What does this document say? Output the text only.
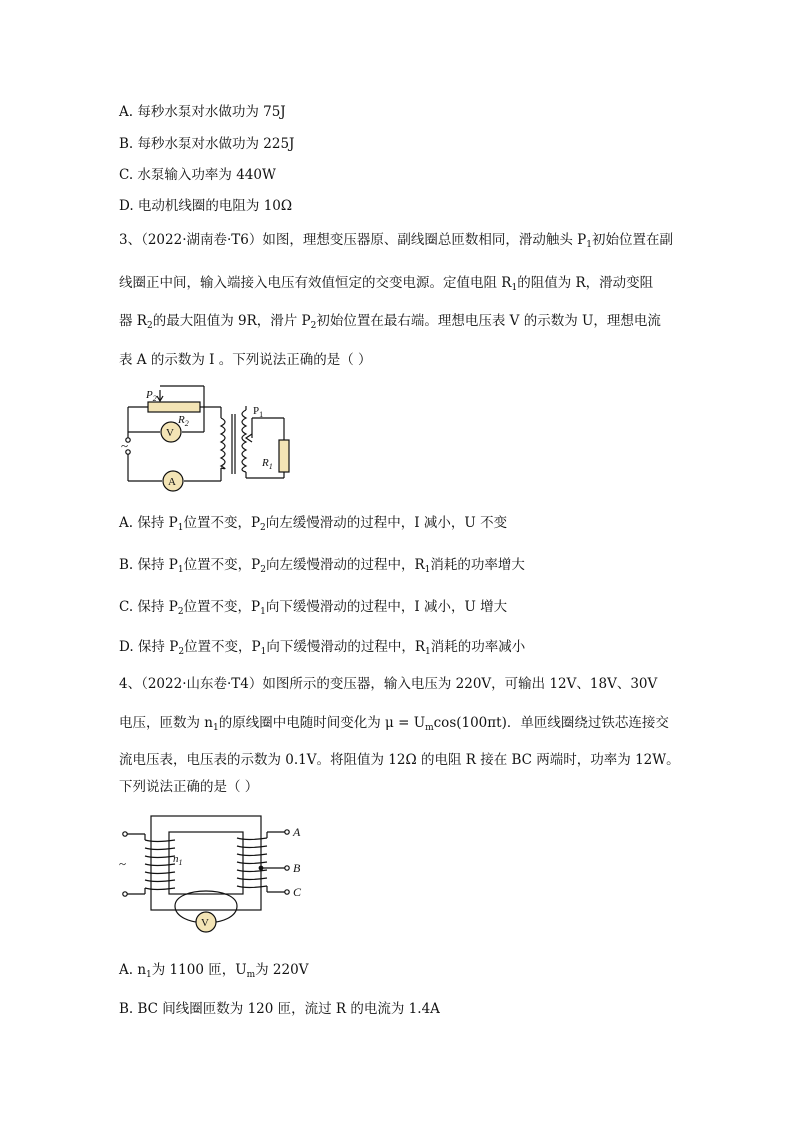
A. 每秒水泵对水做功为 75J
B. 每秒水泵对水做功为 225J
C. 水泵输入功率为 440W
D. 电动机线圈的电阻为 10Ω
3、（2022·湖南卷·T6）如图，理想变压器原、副线圈总匝数相同，滑动触头 $P_1$初始位置在副
线圈正中间，输入端接入电压有效值恒定的交变电源。定值电阻 $R_1$的阻值为 R，滑动变阻
器 $R_2$的最大阻值为 9R，滑片 $P_2$初始位置在最右端。理想电压表 V 的示数为 U，理想电流
表 A 的示数为 I 。下列说法正确的是（ ）
$P_2$
$R_2$
V
A
$P_1$
$R_1$
~
A. 保持 $P_1$位置不变，$P_2$向左缓慢滑动的过程中，I 减小，U 不变
B. 保持 $P_1$位置不变，$P_2$向左缓慢滑动的过程中，$R_1$消耗的功率增大
C. 保持 $P_2$位置不变，$P_1$向下缓慢滑动的过程中，I 减小，U 增大
D. 保持 $P_2$位置不变，$P_1$向下缓慢滑动的过程中，$R_1$消耗的功率减小
4、（2022·山东卷·T4）如图所示的变压器，输入电压为 220V，可输出 12V、18V、30V
电压，匝数为 $n_1$的原线圈中电随时间变化为 $\mu = U_m\cos(100\pi t)$．单匝线圈绕过铁芯连接交
流电压表，电压表的示数为 0.1V。将阻值为 12Ω 的电阻 R 接在 BC 两端时，功率为 12W。
下列说法正确的是（ ）
A
B
C
$n_1$
V
~
A. $n_1$为 1100 匝，$U_m$为 220V
B. BC 间线圈匝数为 120 匝，流过 R 的电流为 1.4A
